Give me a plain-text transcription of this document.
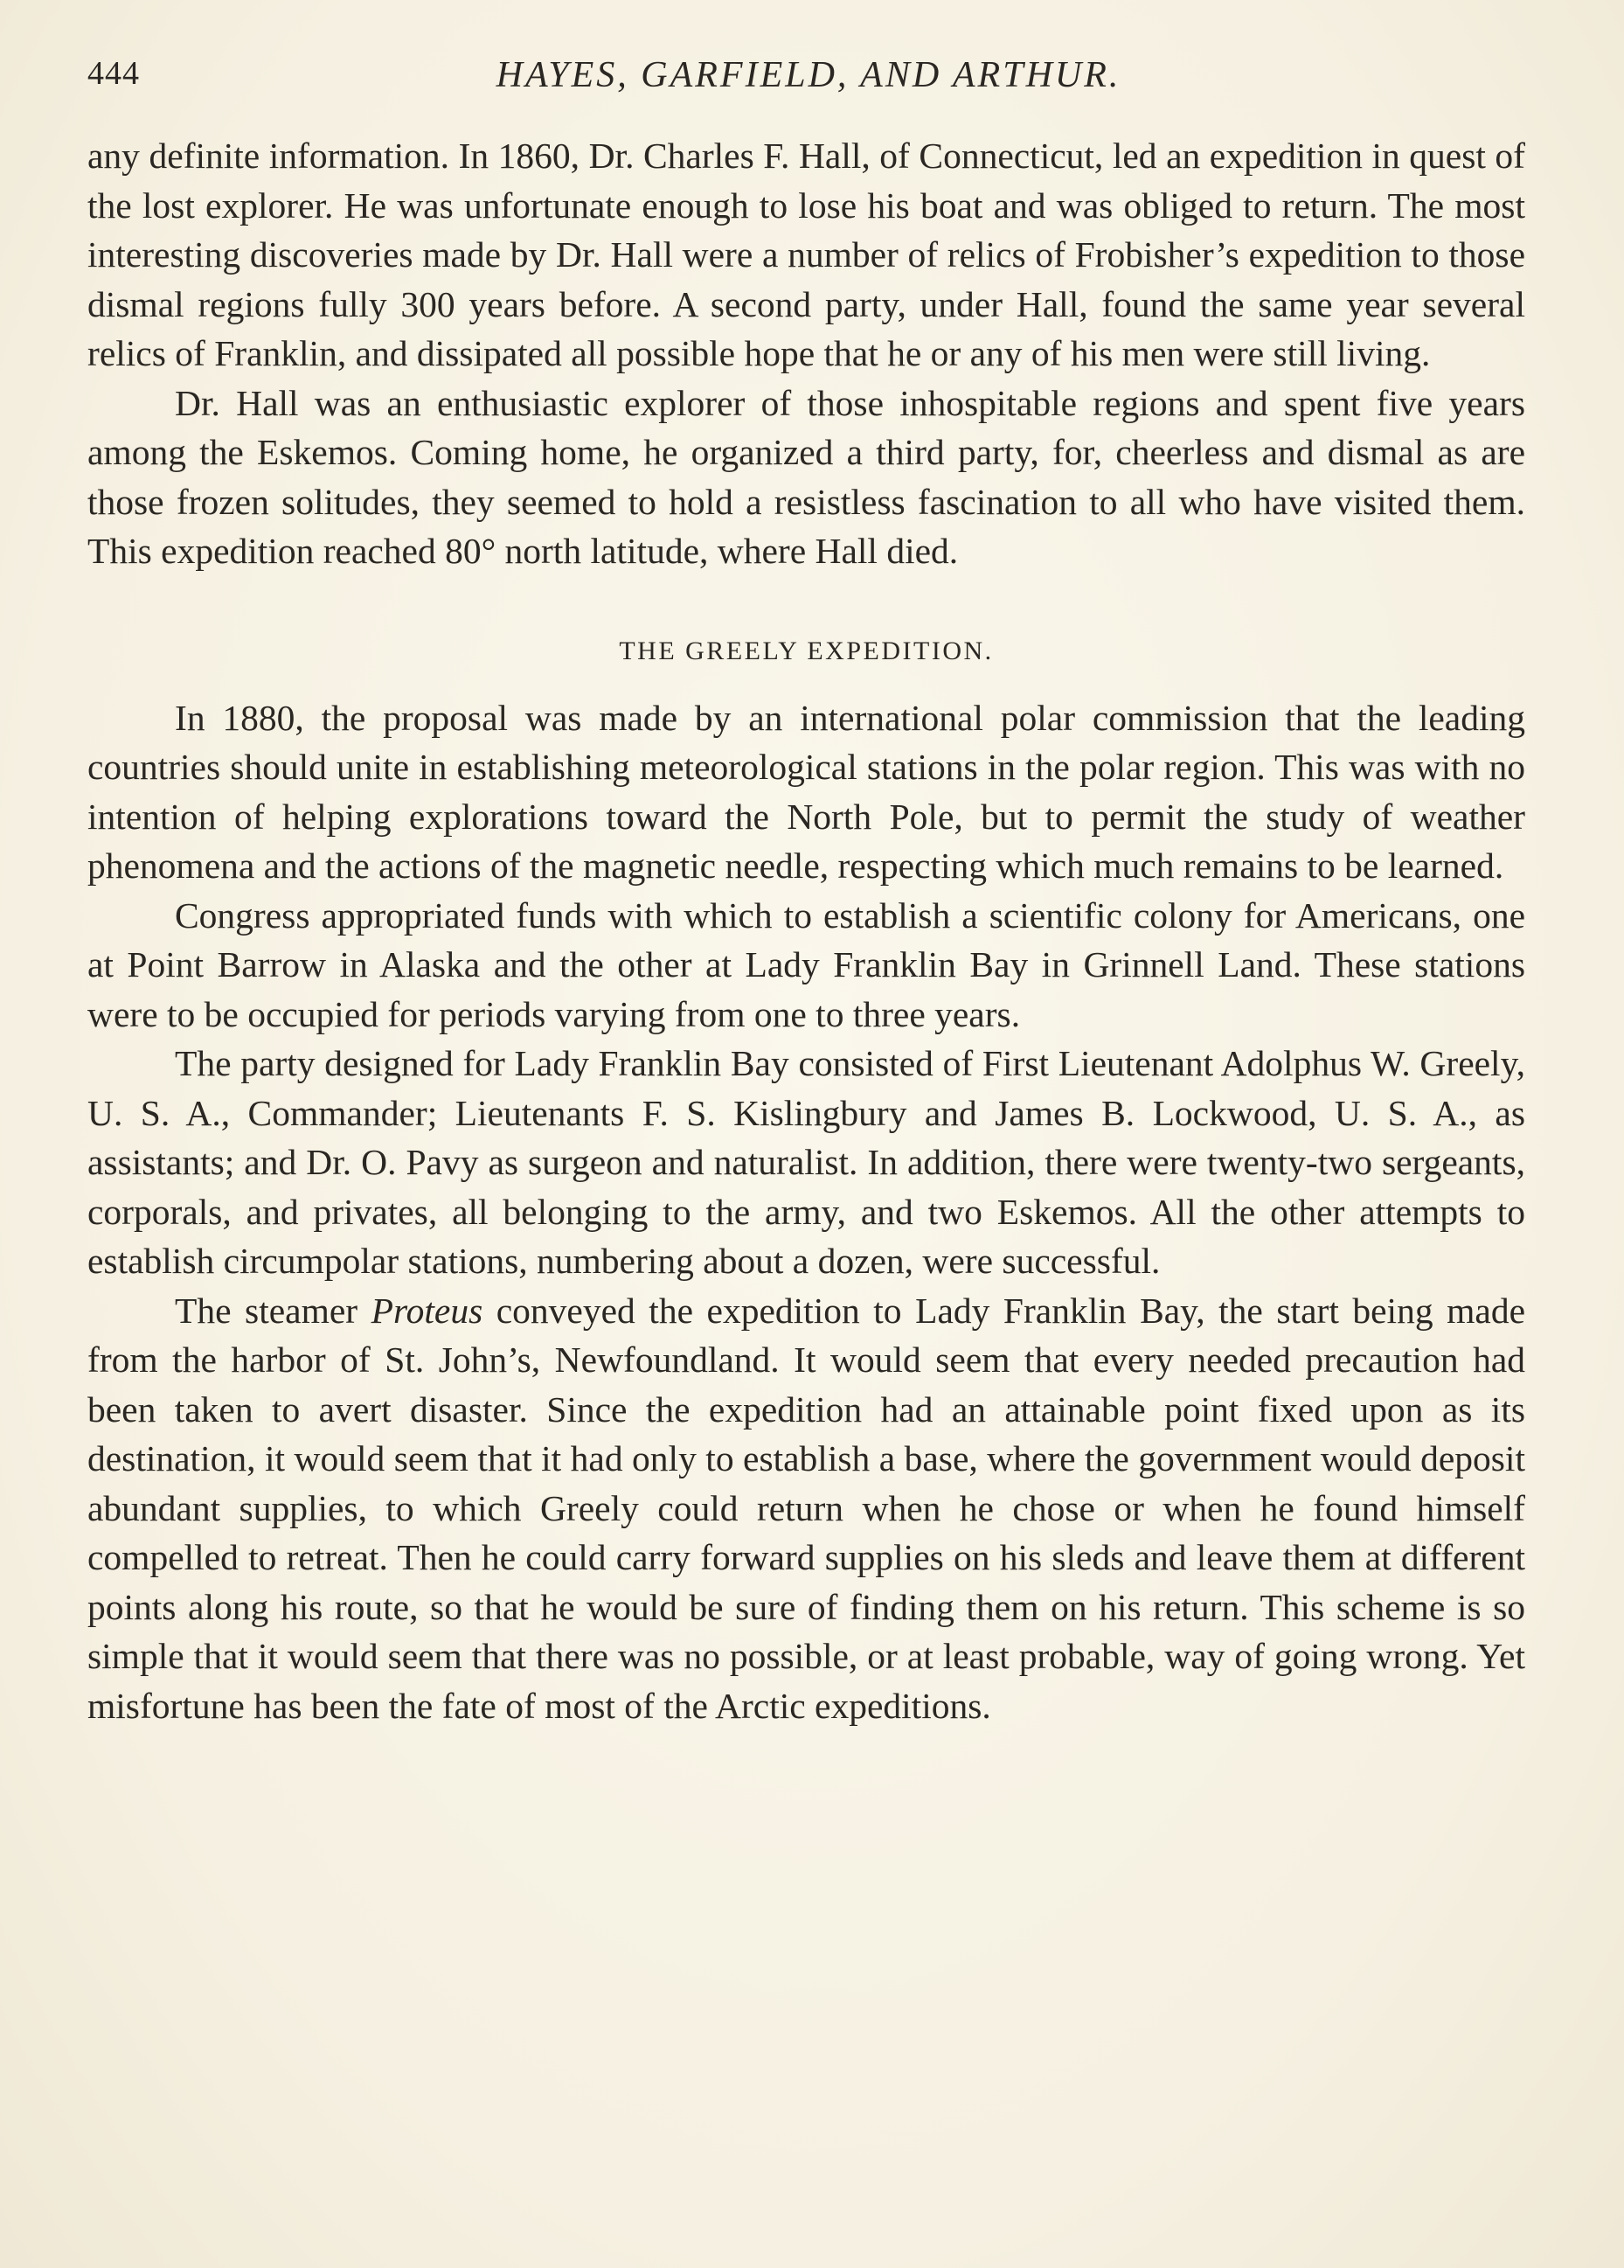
444	HAYES, GARFIELD, AND ARTHUR.

any definite information. In 1860, Dr. Charles F. Hall, of Connecticut, led an expedition in quest of the lost explorer. He was unfortunate enough to lose his boat and was obliged to return. The most interesting discoveries made by Dr. Hall were a number of relics of Frobisher’s expedition to those dismal regions fully 300 years before. A second party, under Hall, found the same year several relics of Franklin, and dissipated all possible hope that he or any of his men were still living.

Dr. Hall was an enthusiastic explorer of those inhospitable regions and spent five years among the Eskemos. Coming home, he organized a third party, for, cheerless and dismal as are those frozen solitudes, they seemed to hold a resistless fascination to all who have visited them. This expedition reached 80° north latitude, where Hall died.

THE GREELY EXPEDITION.

In 1880, the proposal was made by an international polar commission that the leading countries should unite in establishing meteorological stations in the polar region. This was with no intention of helping explorations toward the North Pole, but to permit the study of weather phenomena and the actions of the magnetic needle, respecting which much remains to be learned.

Congress appropriated funds with which to establish a scientific colony for Americans, one at Point Barrow in Alaska and the other at Lady Franklin Bay in Grinnell Land. These stations were to be occupied for periods varying from one to three years.

The party designed for Lady Franklin Bay consisted of First Lieutenant Adolphus W. Greely, U. S. A., Commander; Lieutenants F. S. Kislingbury and James B. Lockwood, U. S. A., as assistants; and Dr. O. Pavy as surgeon and naturalist. In addition, there were twenty-two sergeants, corporals, and privates, all belonging to the army, and two Eskemos. All the other attempts to establish circumpolar stations, numbering about a dozen, were successful.

The steamer Proteus conveyed the expedition to Lady Franklin Bay, the start being made from the harbor of St. John’s, Newfoundland. It would seem that every needed precaution had been taken to avert disaster. Since the expedition had an attainable point fixed upon as its destination, it would seem that it had only to establish a base, where the government would deposit abundant supplies, to which Greely could return when he chose or when he found himself compelled to retreat. Then he could carry forward supplies on his sleds and leave them at different points along his route, so that he would be sure of finding them on his return. This scheme is so simple that it would seem that there was no possible, or at least probable, way of going wrong. Yet misfortune has been the fate of most of the Arctic expeditions.
